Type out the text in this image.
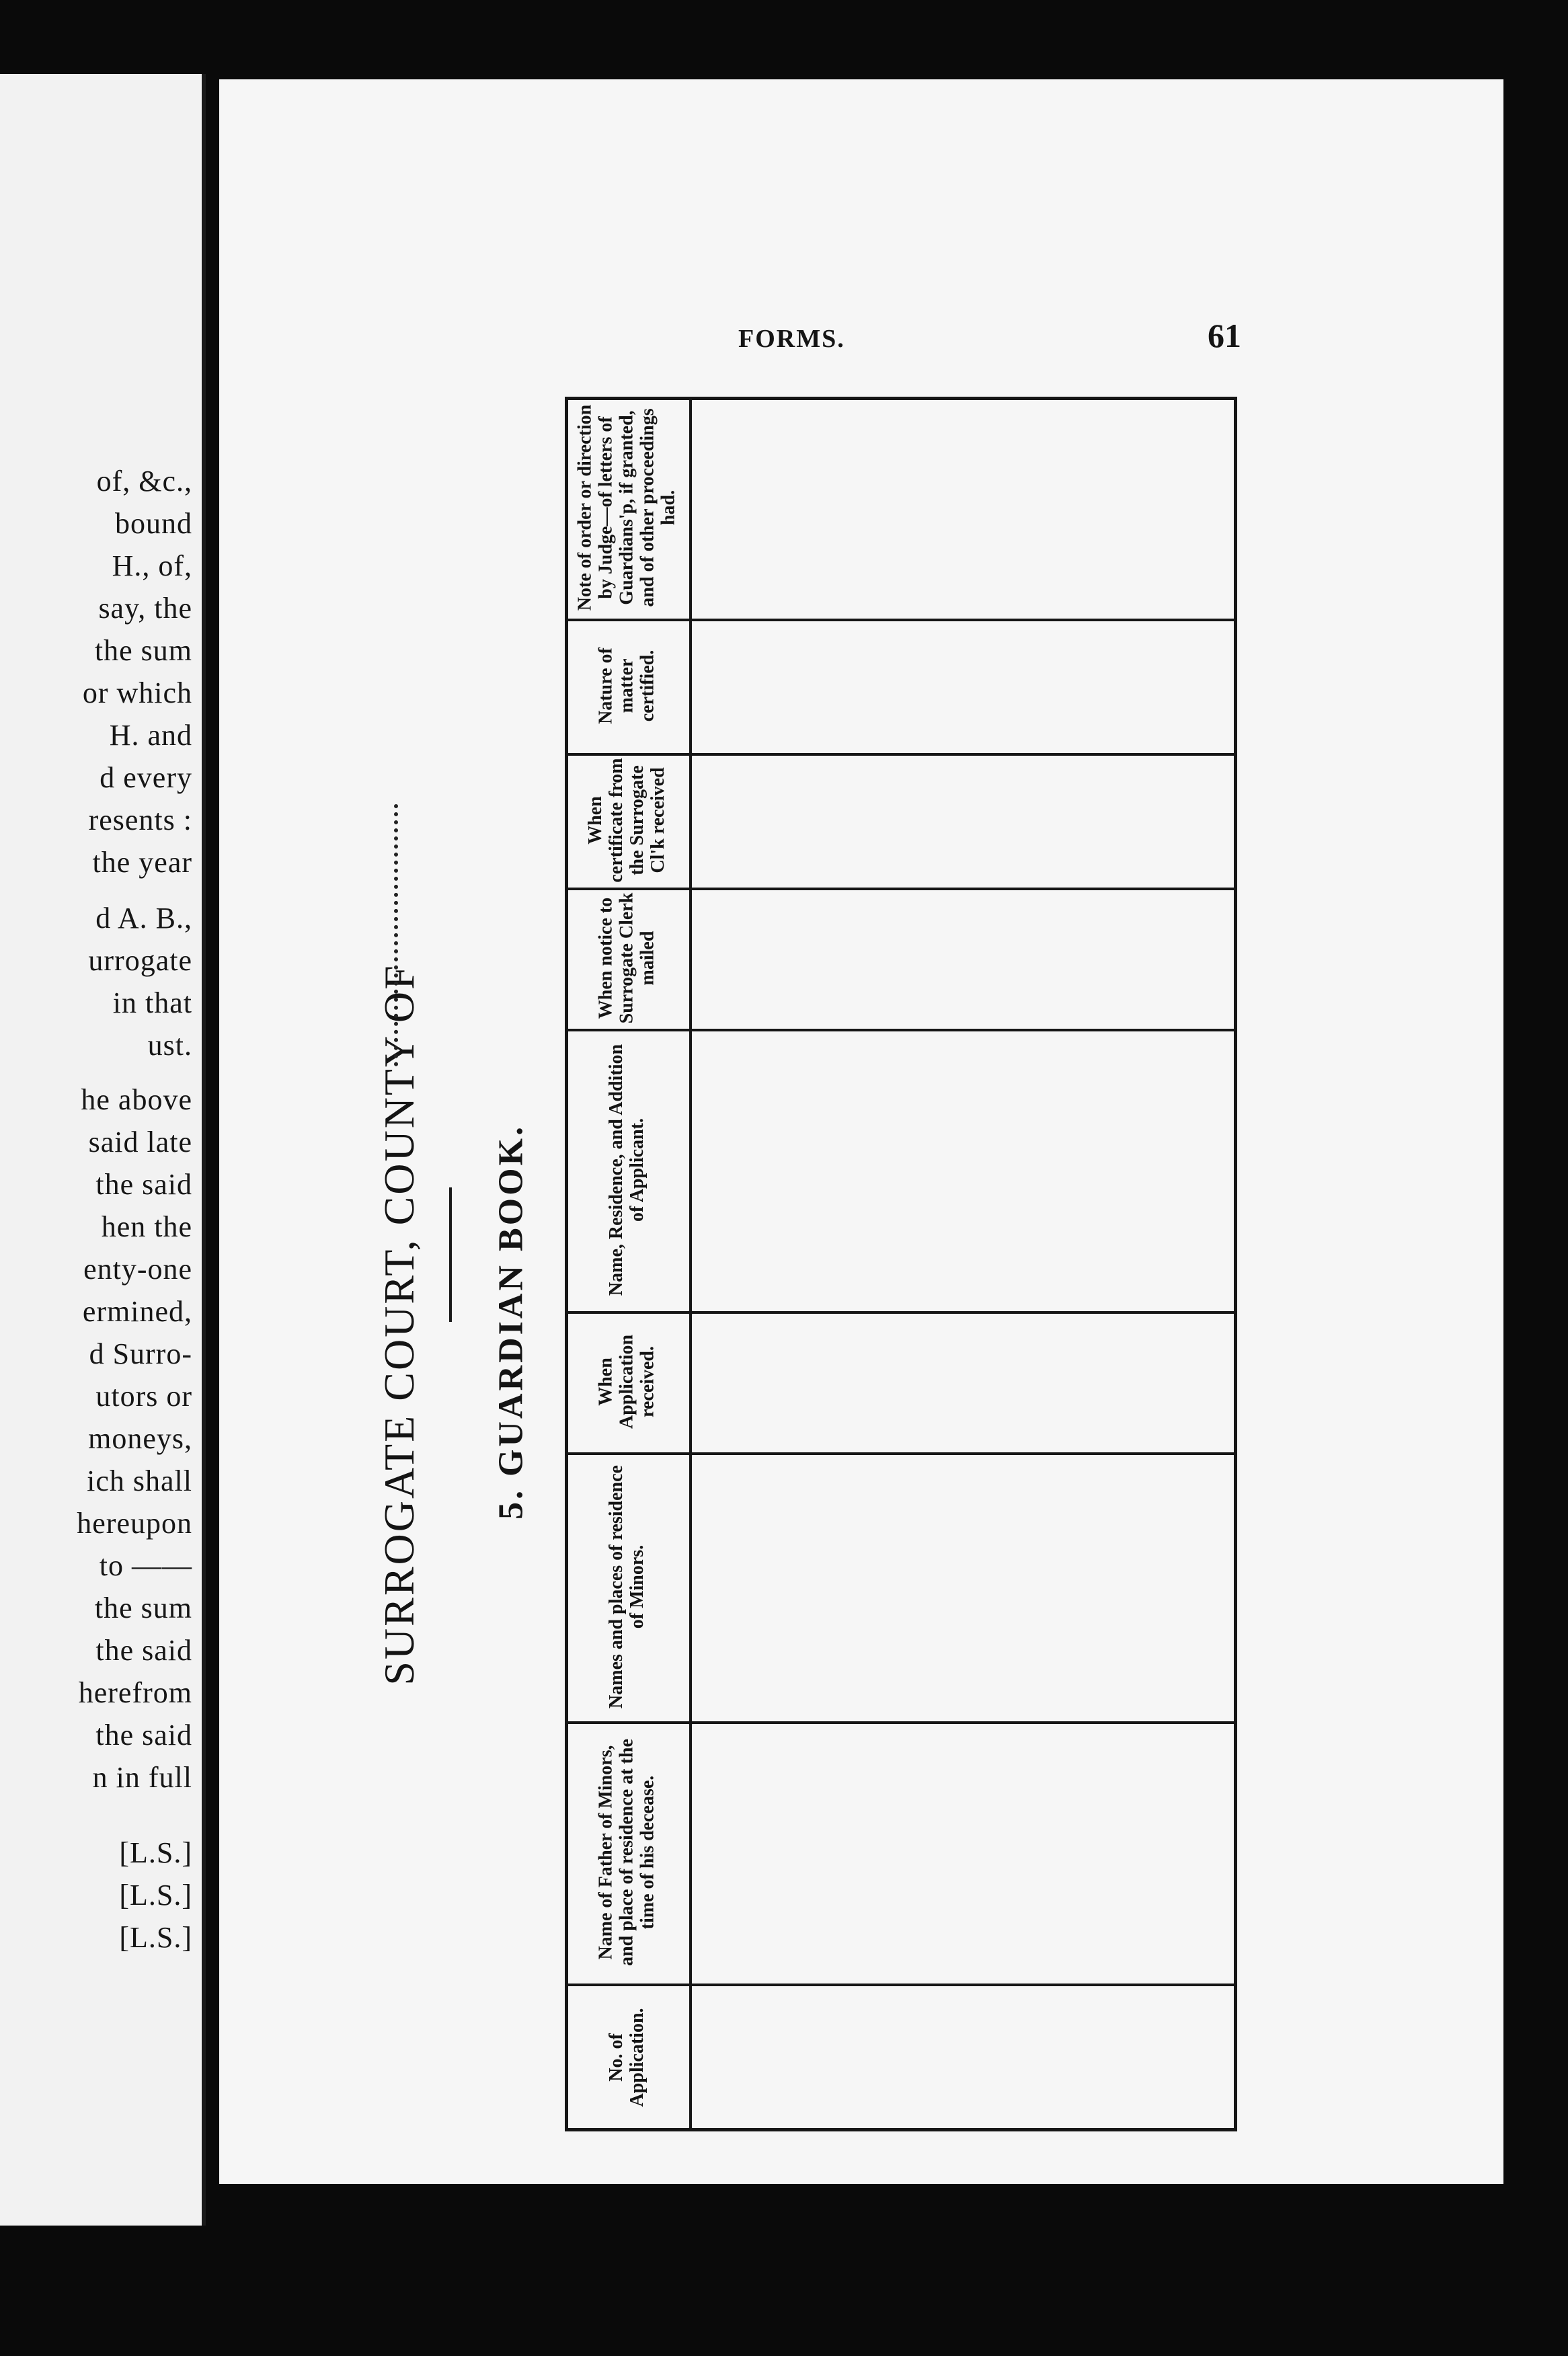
of, &c.,
bound
H., of,
say, the
the sum
or which
H. and
d every
resents :
the year
d A. B.,
urrogate
in that
ust.
he above
said late
the said
hen the
enty-one
ermined,
d Surro-
utors or
moneys,
ich shall
hereupon
to ——
the sum
the said
herefrom
the said
n in full
[L.S.]
[L.S.]
[L.S.]
FORMS.	61
SURROGATE COURT, COUNTY OF 5. GUARDIAN BOOK.
Note of order or direction by Judge—of letters of Guardians'p, if granted, and of other proceedings had.
Nature of matter certified.
When certificate from the Surrogate Cl'k received
When notice to Surrogate Clerk mailed
Name, Residence, and Addition of Applicant.
When Application received.
Names and places of residence of Minors.
Name of Father of Minors, and place of residence at the time of his decease.
No. of Application.
